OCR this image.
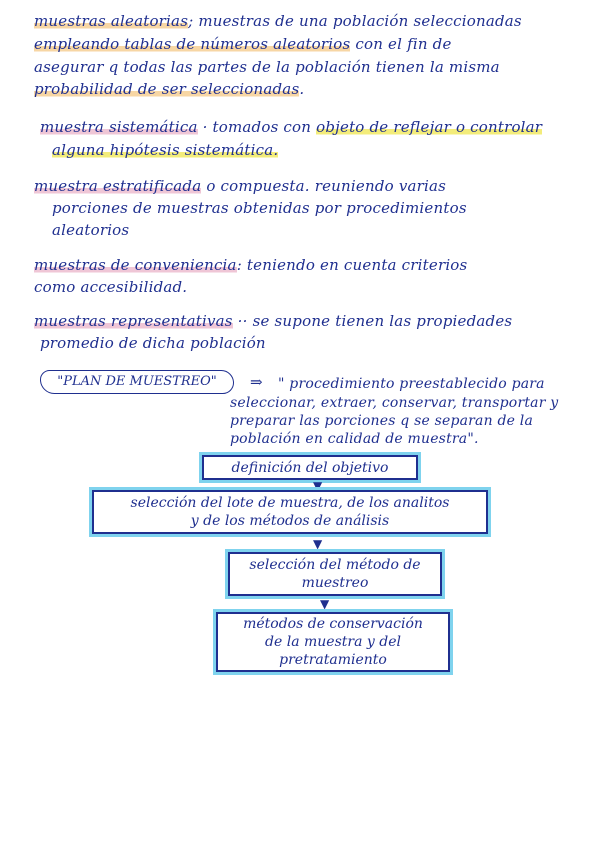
muestras aleatorias; muestras de una población seleccionadas
empleando tablas de números aleatorios con el fin de
asegurar q todas las partes de la población tienen la misma
probabilidad de ser seleccionadas.
muestra sistemática · tomados con objeto de reflejar o controlar
alguna hipótesis sistemática.
muestra estratificada o compuesta. reuniendo varias
porciones de muestras obtenidas por procedimientos
aleatorios
muestras de conveniencia: teniendo en cuenta criterios
como accesibilidad.
muestras representativas ·· se supone tienen las propiedades
promedio de dicha población
"PLAN DE MUESTREO"	⇒ " procedimiento preestablecido para
seleccionar, extraer, conservar, transportar y
preparar las porciones q se separan de la
población en calidad de muestra".
definición del objetivo
▼
selección del lote de muestra, de los analitos
y de los métodos de análisis
▼
selección del método de
muestreo
▼
métodos de conservación
de la muestra y del
pretratamiento
